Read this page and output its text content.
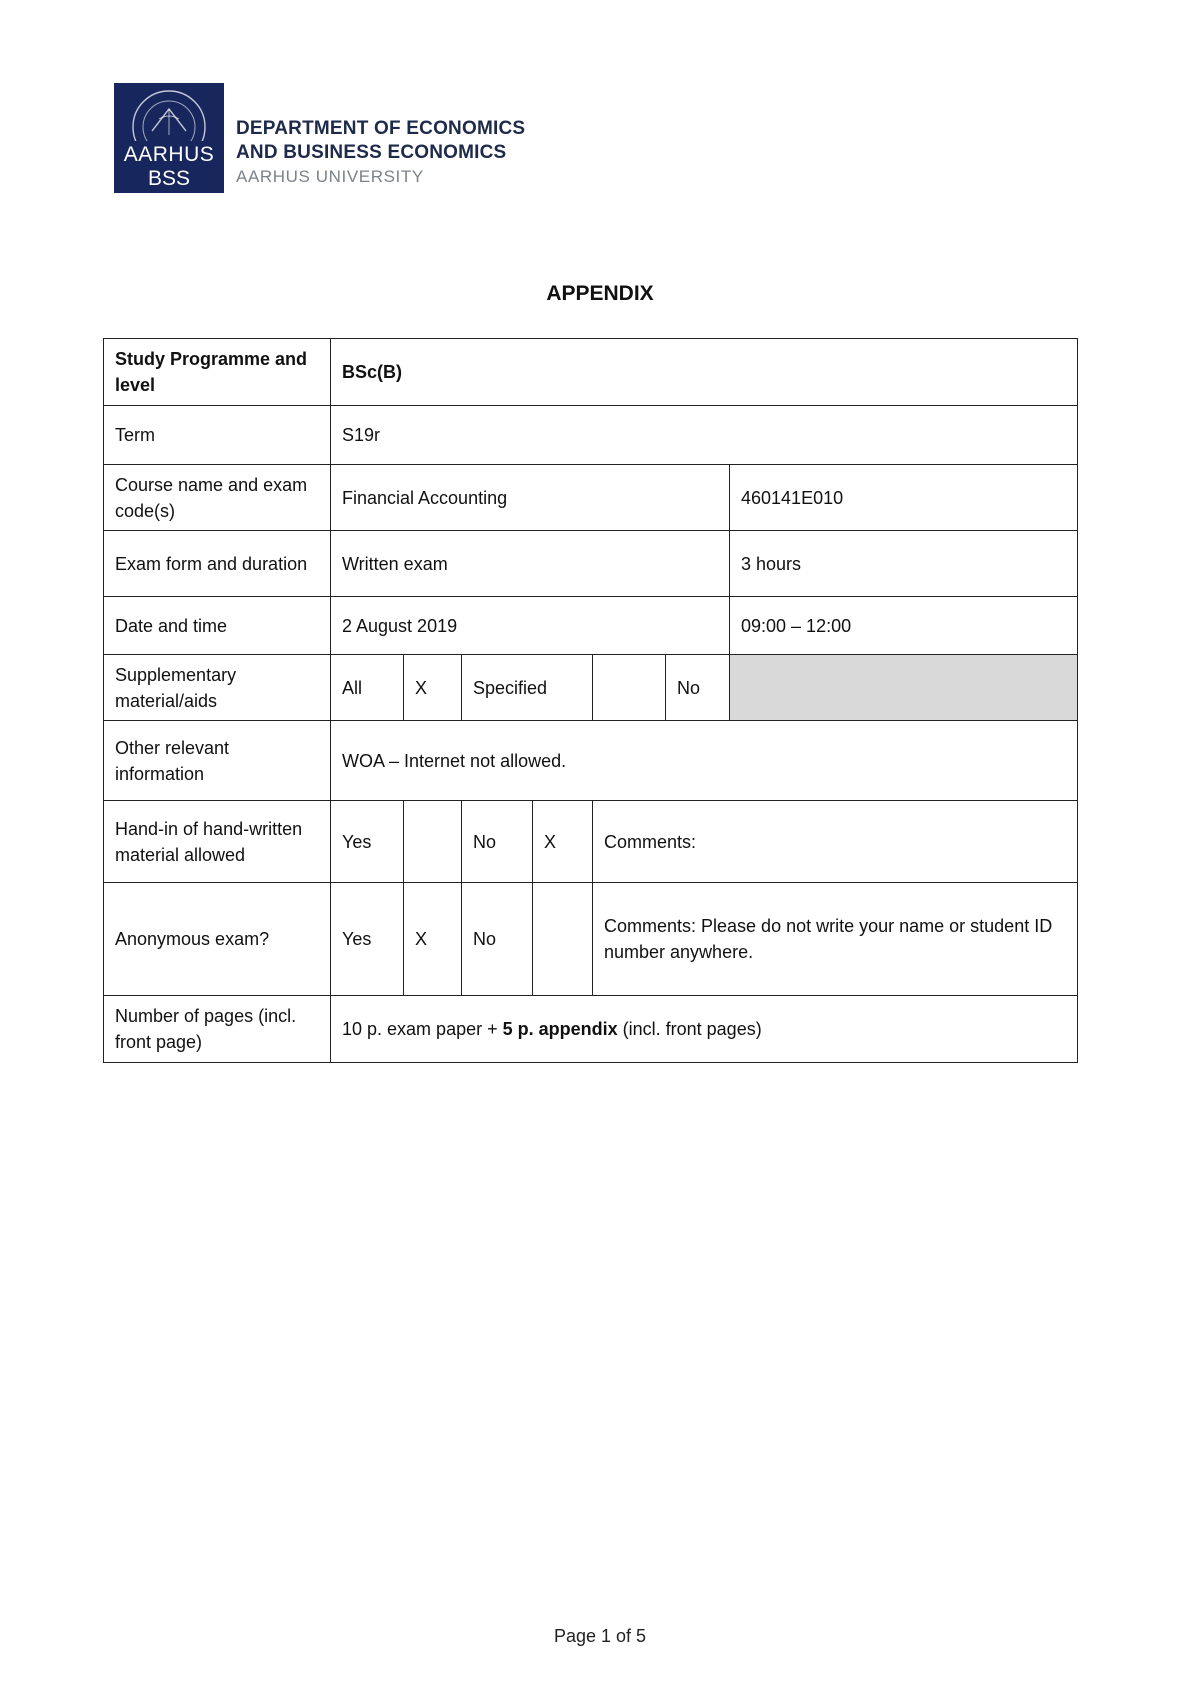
AARHUS
BSS
DEPARTMENT OF ECONOMICS
AND BUSINESS ECONOMICS
AARHUS UNIVERSITY
APPENDIX
Study Programme and level	BSc(B)						
Term	S19r						
Course name and exam code(s)	Financial Accounting						460141E010
Exam form and duration	Written exam						3 hours
Date and time	2 August 2019						09:00 – 12:00
Supplementary material/aids	All	X	Specified			No	
Other relevant information	WOA – Internet not allowed.						
Hand-in of hand-written material allowed	Yes		No	X	Comments:		
Anonymous exam?	Yes	X	No		Comments: Please do not write your name or student ID number anywhere.		
Number of pages (incl. front page)	10 p. exam paper + 5 p. appendix (incl. front pages)						
Page 1 of 5
